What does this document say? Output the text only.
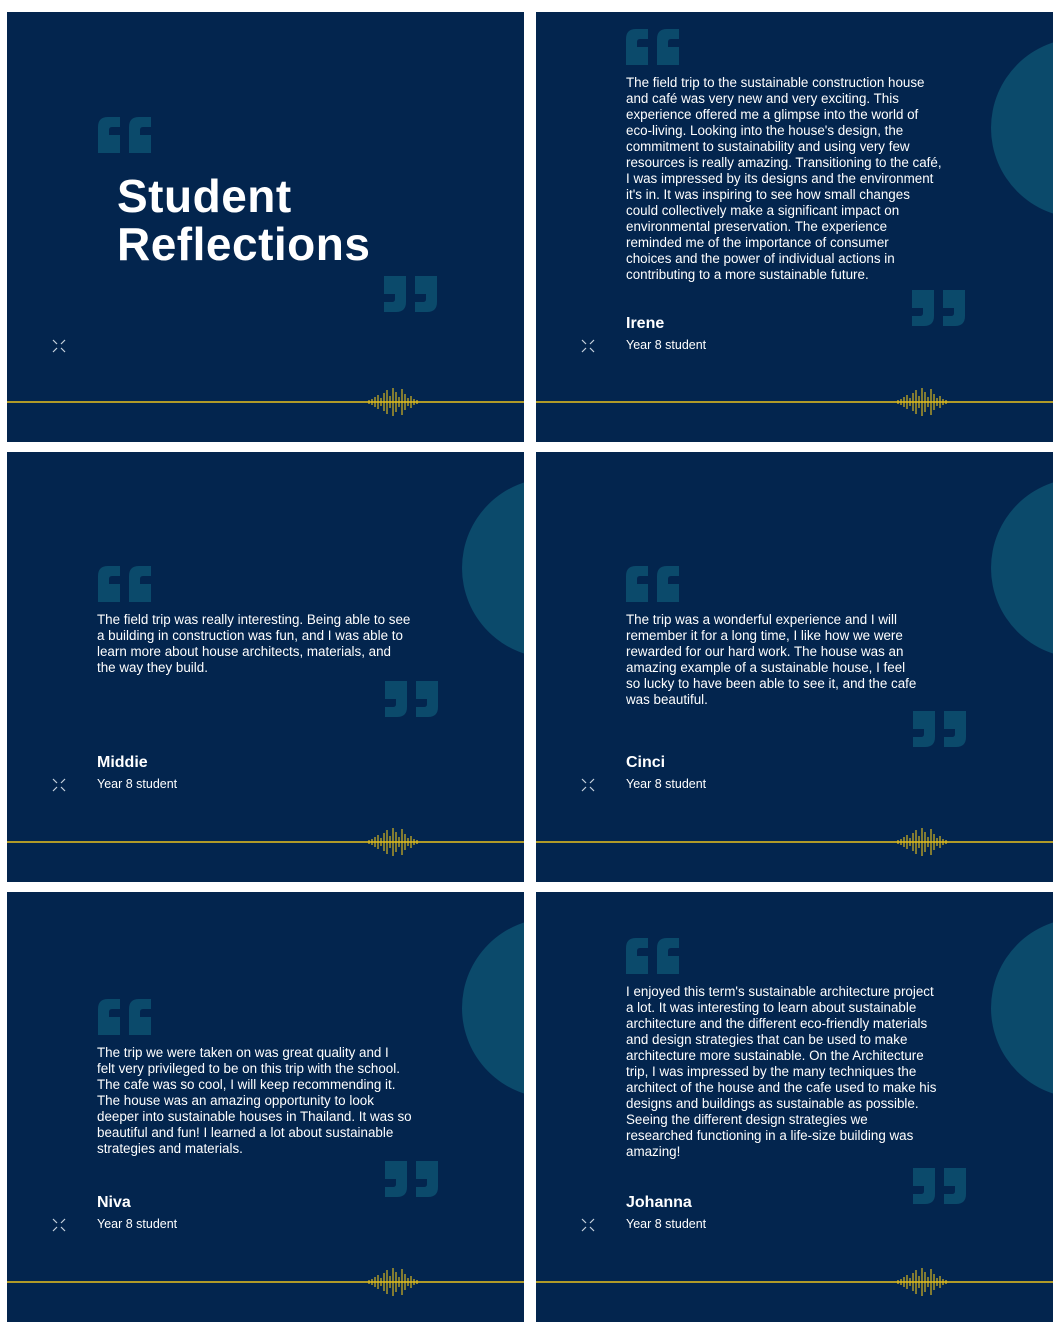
Student
Reflections

The field trip to the sustainable construction house
and café was very new and very exciting. This
experience offered me a glimpse into the world of
eco-living. Looking into the house's design, the
commitment to sustainability and using very few
resources is really amazing. Transitioning to the café,
I was impressed by its designs and the environment
it's in. It was inspiring to see how small changes
could collectively make a significant impact on
environmental preservation. The experience
reminded me of the importance of consumer
choices and the power of individual actions in
contributing to a more sustainable future.

Irene
Year 8 student

The field trip was really interesting. Being able to see
a building in construction was fun, and I was able to
learn more about house architects, materials, and
the way they build.

Middie
Year 8 student

The trip was a wonderful experience and I will
remember it for a long time, I like how we were
rewarded for our hard work. The house was an
amazing example of a sustainable house, I feel
so lucky to have been able to see it, and the cafe
was beautiful.

Cinci
Year 8 student

The trip we were taken on was great quality and I
felt very privileged to be on this trip with the school.
The cafe was so cool, I will keep recommending it.
The house was an amazing opportunity to look
deeper into sustainable houses in Thailand. It was so
beautiful and fun! I learned a lot about sustainable
strategies and materials.

Niva
Year 8 student

I enjoyed this term's sustainable architecture project
a lot. It was interesting to learn about sustainable
architecture and the different eco-friendly materials
and design strategies that can be used to make
architecture more sustainable. On the Architecture
trip, I was impressed by the many techniques the
architect of the house and the cafe used to make his
designs and buildings as sustainable as possible.
Seeing the different design strategies we
researched functioning in a life-size building was
amazing!

Johanna
Year 8 student
